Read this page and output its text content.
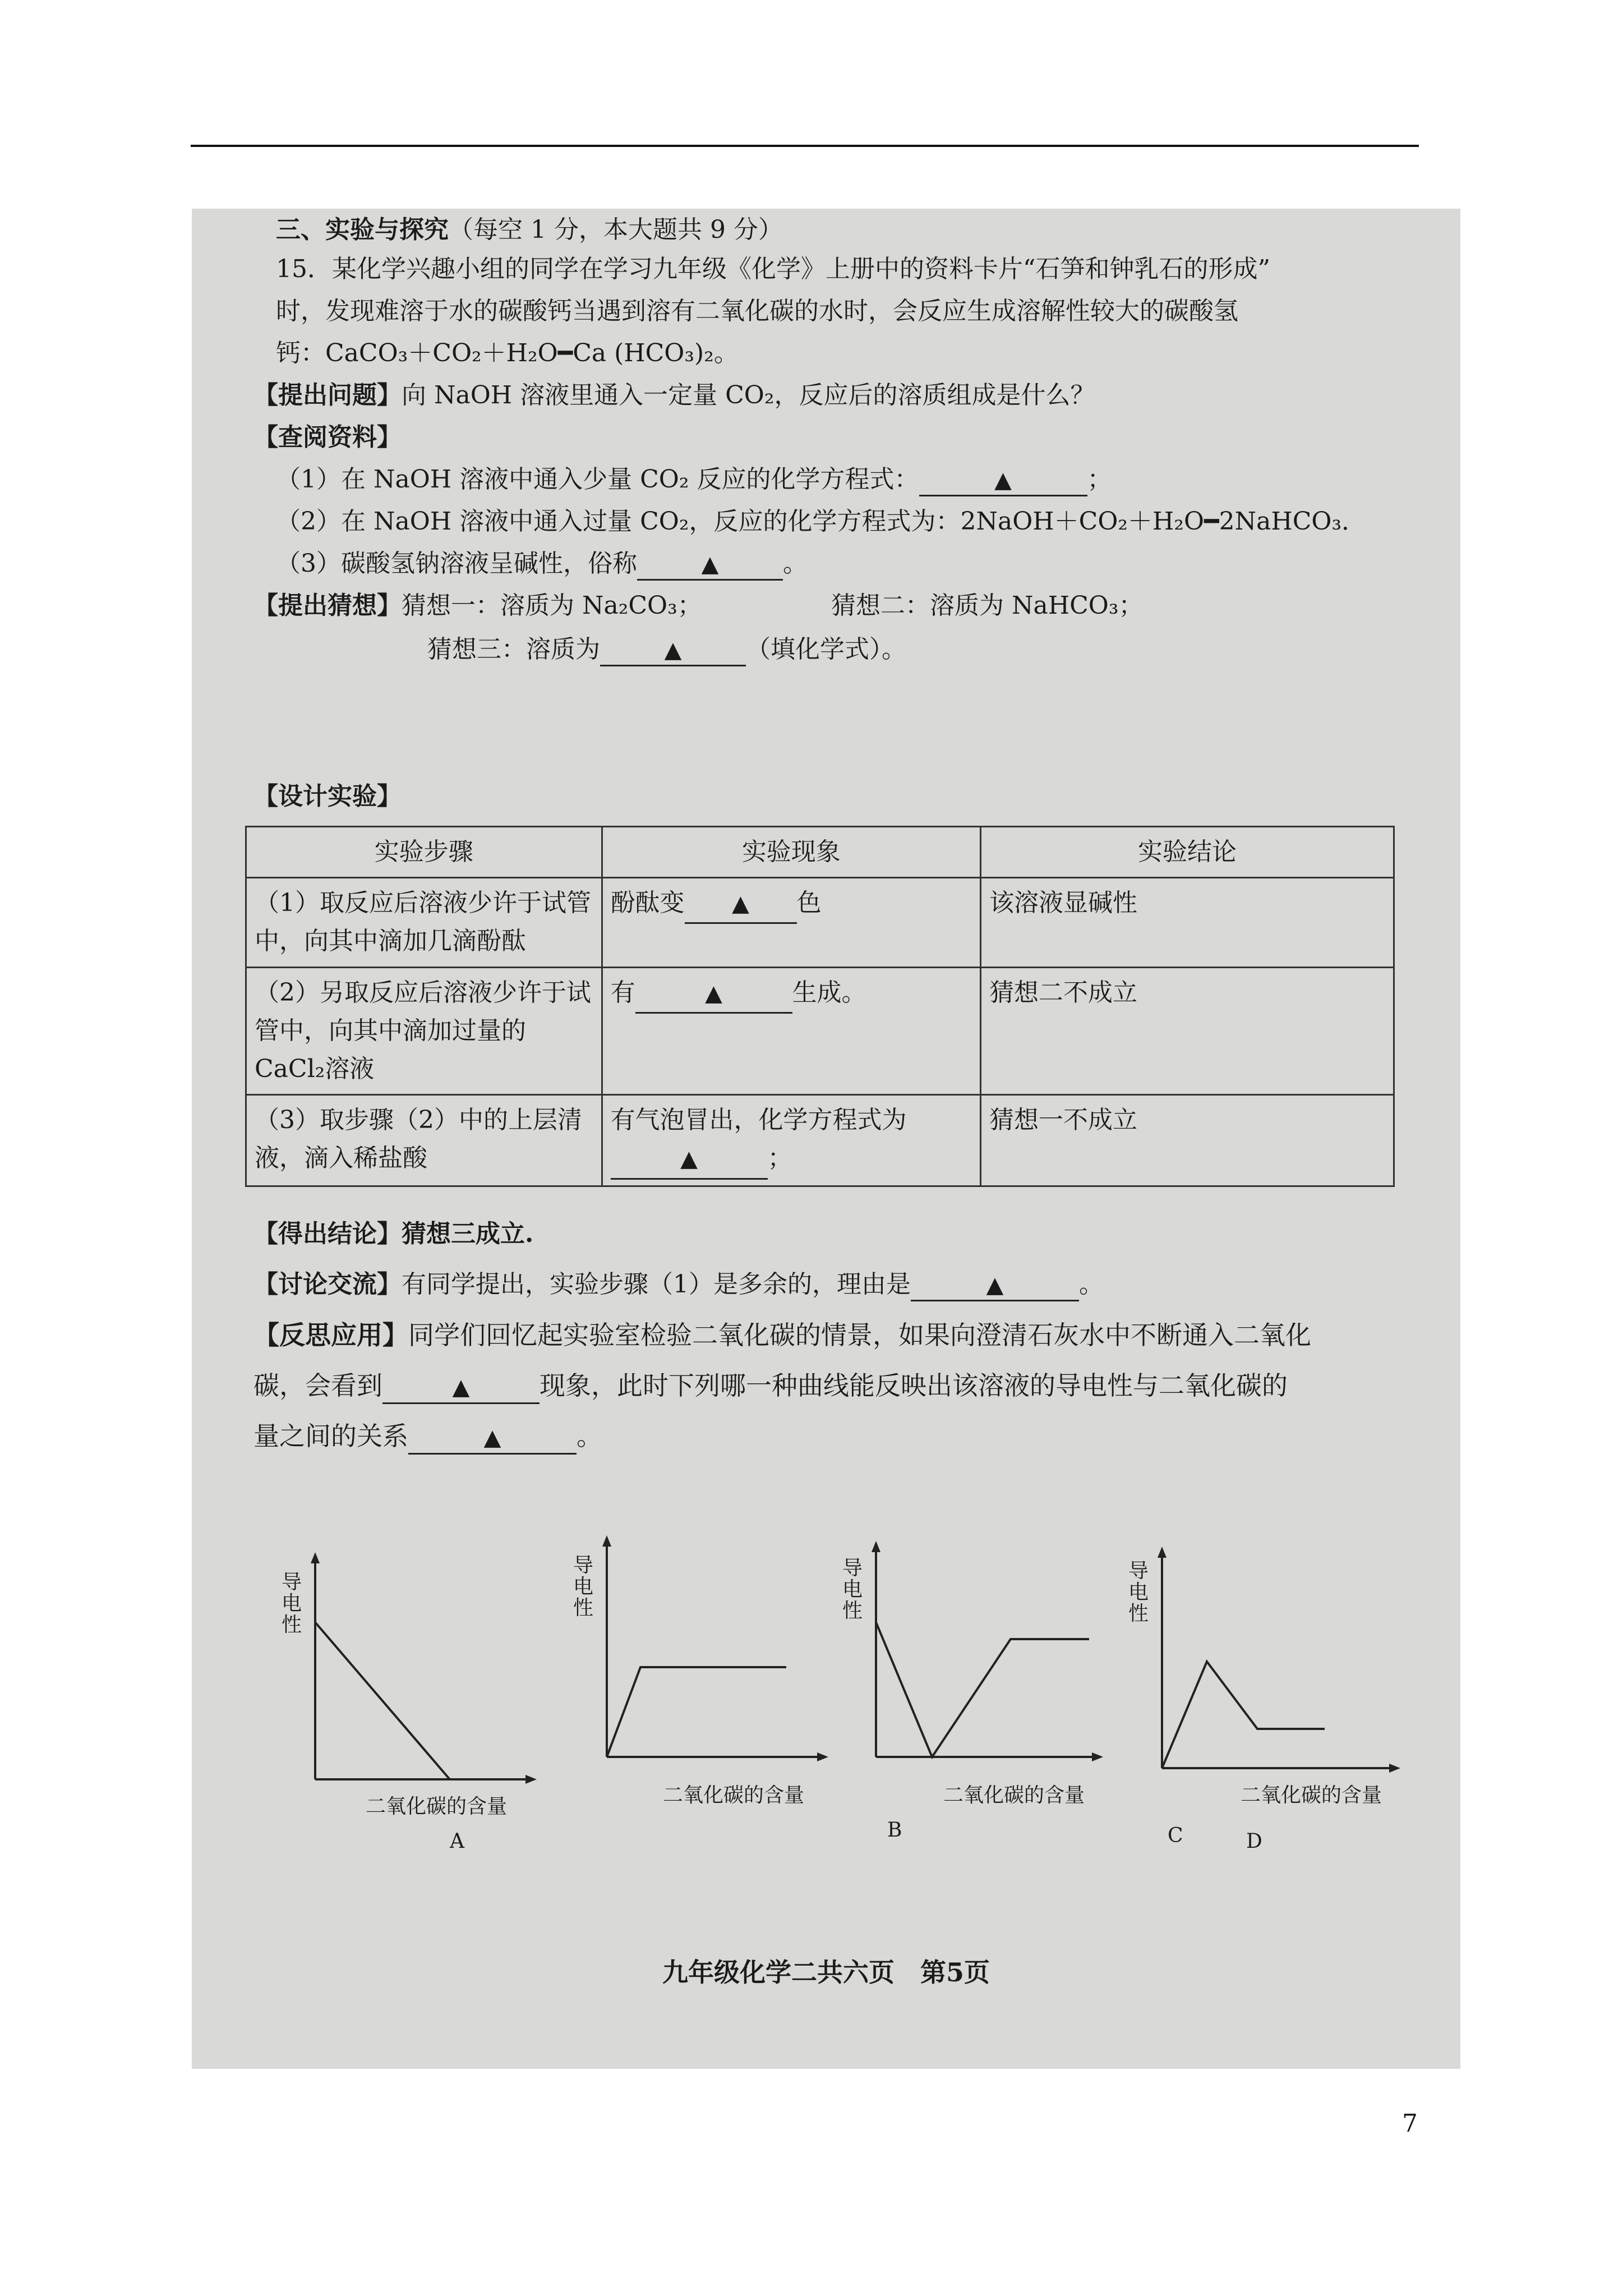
三、实验与探究（每空 1 分，本大题共 9 分）
15．某化学兴趣小组的同学在学习九年级《化学》上册中的资料卡片“石笋和钟乳石的形成”
时，发现难溶于水的碳酸钙当遇到溶有二氧化碳的水时，会反应生成溶解性较大的碳酸氢
钙：CaCO₃＋CO₂＋H₂O━Ca (HCO₃)₂。
【提出问题】向 NaOH 溶液里通入一定量 CO₂，反应后的溶质组成是什么？
【查阅资料】
（1）在 NaOH 溶液中通入少量 CO₂ 反应的化学方程式：	▲	；
（2）在 NaOH 溶液中通入过量 CO₂，反应的化学方程式为：2NaOH＋CO₂＋H₂O━2NaHCO₃．
（3）碳酸氢钠溶液呈碱性，俗称	▲	。
【提出猜想】猜想一：溶质为 Na₂CO₃；	猜想二：溶质为 NaHCO₃；
猜想三：溶质为	▲	（填化学式）。
【设计实验】
实验步骤	实验现象	实验结论
（1）取反应后溶液少许于试管中，向其中滴加几滴酚酞	酚酞变 ▲ 色	该溶液显碱性
（2）另取反应后溶液少许于试管中，向其中滴加过量的 CaCl₂溶液	有 ▲ 生成。	猜想二不成立
（3）取步骤（2）中的上层清液，滴入稀盐酸	有气泡冒出，化学方程式为
▲ ；	猜想一不成立
【得出结论】猜想三成立.
【讨论交流】有同学提出，实验步骤（1）是多余的，理由是	▲	。
【反思应用】同学们回忆起实验室检验二氧化碳的情景，如果向澄清石灰水中不断通入二氧化
碳，会看到	▲	现象，此时下列哪一种曲线能反映出该溶液的导电性与二氧化碳的
量之间的关系	▲	。
导电性
二氧化碳的含量
A
导电性
二氧化碳的含量
B
导电性
二氧化碳的含量
C
导电性
二氧化碳的含量
D
九年级化学二共六页　第5页
7
